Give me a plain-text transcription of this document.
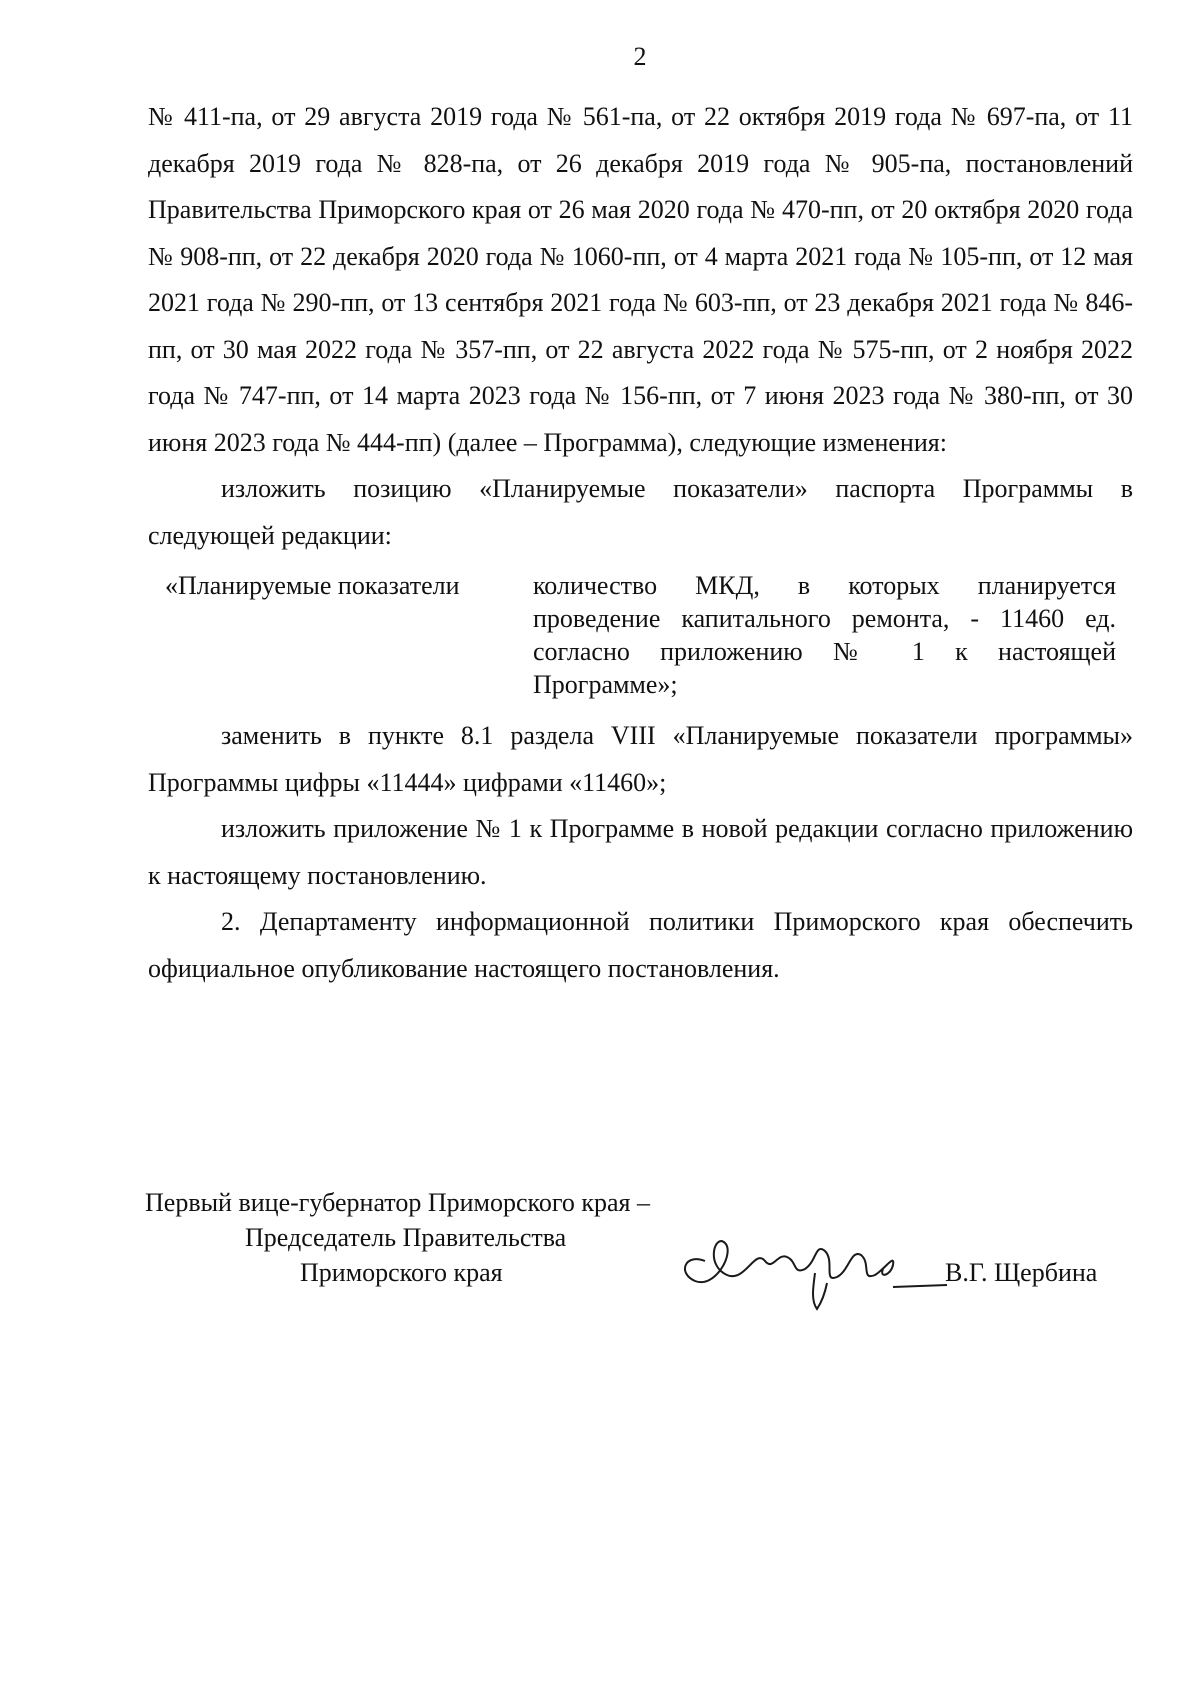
2

№ 411-па, от 29 августа 2019 года № 561-па, от 22 октября 2019 года № 697-па, от 11 декабря 2019 года № 828-па, от 26 декабря 2019 года № 905-па, постановлений Правительства Приморского края от 26 мая 2020 года № 470-пп, от 20 октября 2020 года № 908-пп, от 22 декабря 2020 года № 1060-пп, от 4 марта 2021 года № 105-пп, от 12 мая 2021 года № 290-пп, от 13 сентября 2021 года № 603-пп, от 23 декабря 2021 года № 846-пп, от 30 мая 2022 года № 357-пп, от 22 августа 2022 года № 575-пп, от 2 ноября 2022 года № 747-пп, от 14 марта 2023 года № 156-пп, от 7 июня 2023 года № 380-пп, от 30 июня 2023 года № 444-пп) (далее – Программа), следующие изменения:

изложить позицию «Планируемые показатели» паспорта Программы в следующей редакции:

«Планируемые показатели	количество МКД, в которых планируется
проведение капитального ремонта, - 11460 ед.
согласно приложению № 1 к настоящей
Программе»;

заменить в пункте 8.1 раздела VIII «Планируемые показатели программы» Программы цифры «11444» цифрами «11460»;

изложить приложение № 1 к Программе в новой редакции согласно приложению к настоящему постановлению.

2. Департаменту информационной политики Приморского края обеспечить официальное опубликование настоящего постановления.

Первый вице-губернатор Приморского края –
Председатель Правительства
Приморского края	В.Г. Щербина
